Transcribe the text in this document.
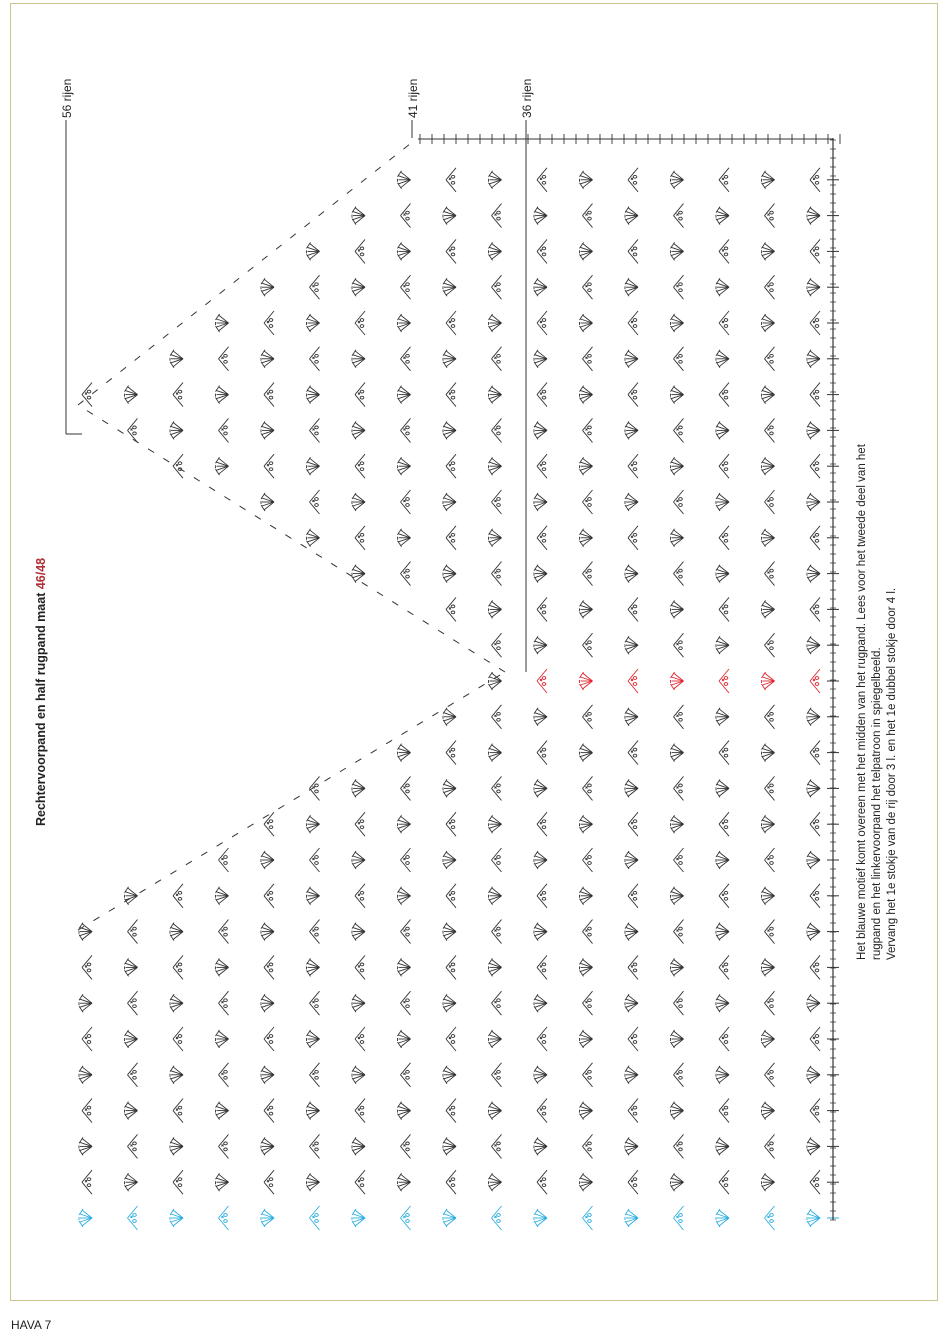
Rechtervoorpand en half rugpand maat 46/48
56 rijen	41 rijen	36 rijen
Het blauwe motief komt overeen met het midden van het rugpand. Lees voor het tweede deel van het rugpand en het linkervoorpand het telpatroon in spiegelbeeld. Vervang het 1e stokje van de rij door 3 l. en het 1e dubbel stokje door 4 l.
HAVA 7
